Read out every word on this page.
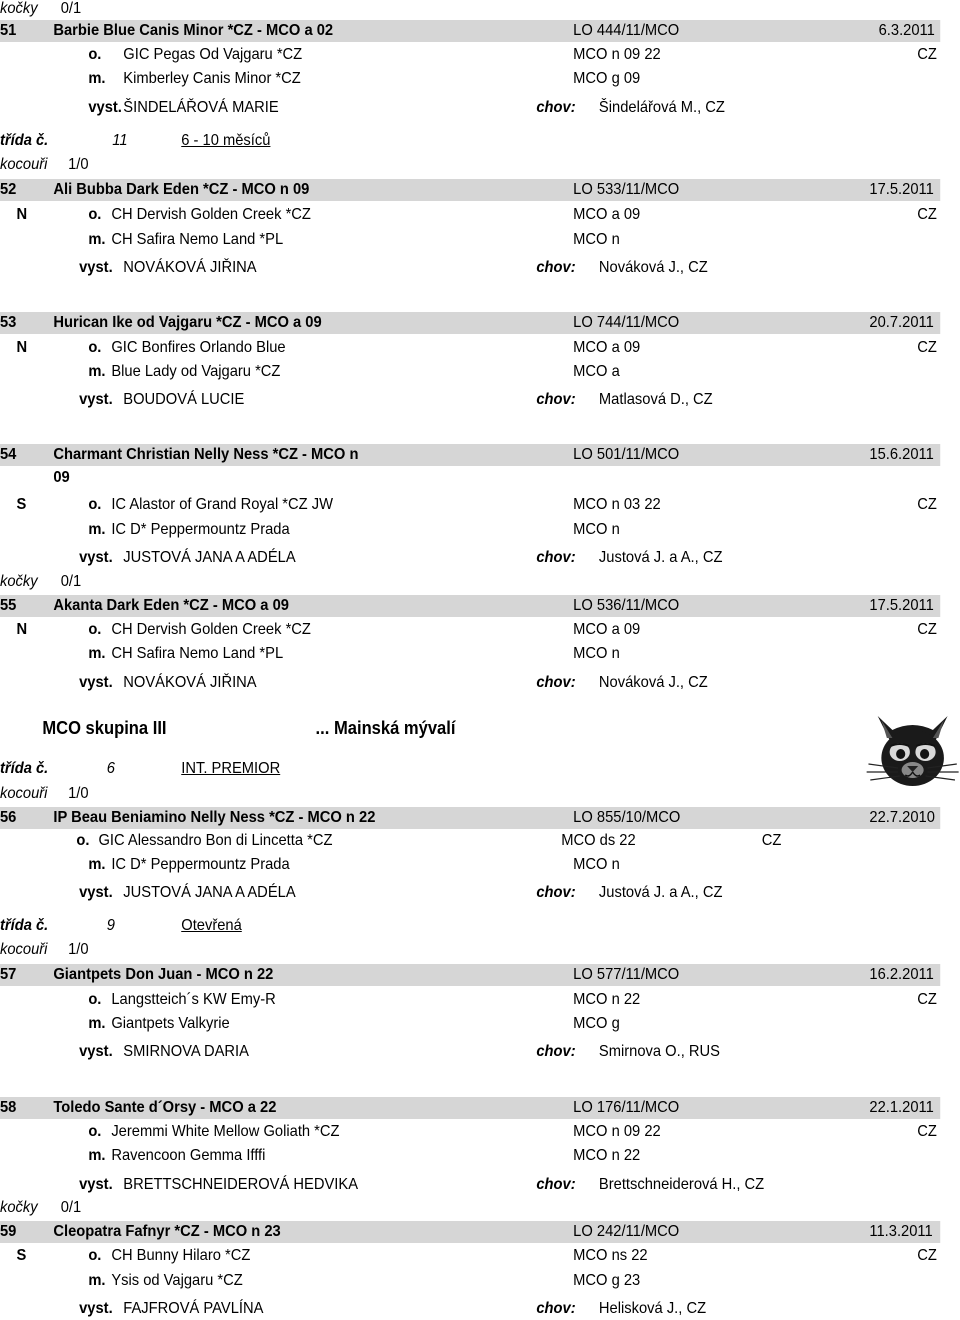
kočky 0/1
51 Barbie Blue Canis Minor *CZ - MCO a 02	LO 444/11/MCO	6.3.2011
o. GIC Pegas Od Vajgaru *CZ	MCO n 09 22	CZ
m. Kimberley Canis Minor *CZ	MCO g 09
vyst. ŠINDELÁŘOVÁ MARIE	chov: Šindelářová M., CZ
třída č.	11	6 - 10 měsíců
kocouři 1/0
52 Ali Bubba Dark Eden *CZ - MCO n 09	LO 533/11/MCO	17.5.2011
N	o. CH Dervish Golden Creek *CZ	MCO a 09	CZ
m. CH Safira Nemo Land *PL	MCO n
vyst. NOVÁKOVÁ JIŘINA	chov: Nováková J., CZ
53 Hurican Ike od Vajgaru *CZ - MCO a 09	LO 744/11/MCO	20.7.2011
N	o. GIC Bonfires Orlando Blue	MCO a 09	CZ
m. Blue Lady od Vajgaru *CZ	MCO a
vyst. BOUDOVÁ LUCIE	chov: Matlasová D., CZ
54 Charmant Christian Nelly Ness *CZ - MCO n	LO 501/11/MCO	15.6.2011
09
S	o. IC Alastor of Grand Royal *CZ JW	MCO n 03 22	CZ
m. IC D* Peppermountz Prada	MCO n
vyst. JUSTOVÁ JANA A ADÉLA	chov: Justová J. a A., CZ
kočky 0/1
55 Akanta Dark Eden *CZ - MCO a 09	LO 536/11/MCO	17.5.2011
N	o. CH Dervish Golden Creek *CZ	MCO a 09	CZ
m. CH Safira Nemo Land *PL	MCO n
vyst. NOVÁKOVÁ JIŘINA	chov: Nováková J., CZ
MCO skupina III	... Mainská mývalí
třída č.	6	INT. PREMIOR
kocouři 1/0
56 IP Beau Beniamino Nelly Ness *CZ - MCO n 22	LO 855/10/MCO	22.7.2010
o. GIC Alessandro Bon di Lincetta *CZ	MCO ds 22	CZ
m. IC D* Peppermountz Prada	MCO n
vyst. JUSTOVÁ JANA A ADÉLA	chov: Justová J. a A., CZ
třída č.	9	Otevřená
kocouři 1/0
57 Giantpets Don Juan - MCO n 22	LO 577/11/MCO	16.2.2011
o. Langstteich´s KW Emy-R	MCO n 22	CZ
m. Giantpets Valkyrie	MCO g
vyst. SMIRNOVA DARIA	chov: Smirnova O., RUS
58 Toledo Sante d´Orsy - MCO a 22	LO 176/11/MCO	22.1.2011
o. Jeremmi White Mellow Goliath *CZ	MCO n 09 22	CZ
m. Ravencoon Gemma Ifffi	MCO n 22
vyst. BRETTSCHNEIDEROVÁ HEDVIKA	chov: Brettschneiderová H., CZ
kočky 0/1
59 Cleopatra Fafnyr *CZ - MCO n 23	LO 242/11/MCO	11.3.2011
S	o. CH Bunny Hilaro *CZ	MCO ns 22	CZ
m. Ysis od Vajgaru *CZ	MCO g 23
vyst. FAJFROVÁ PAVLÍNA	chov: Helisková J., CZ
